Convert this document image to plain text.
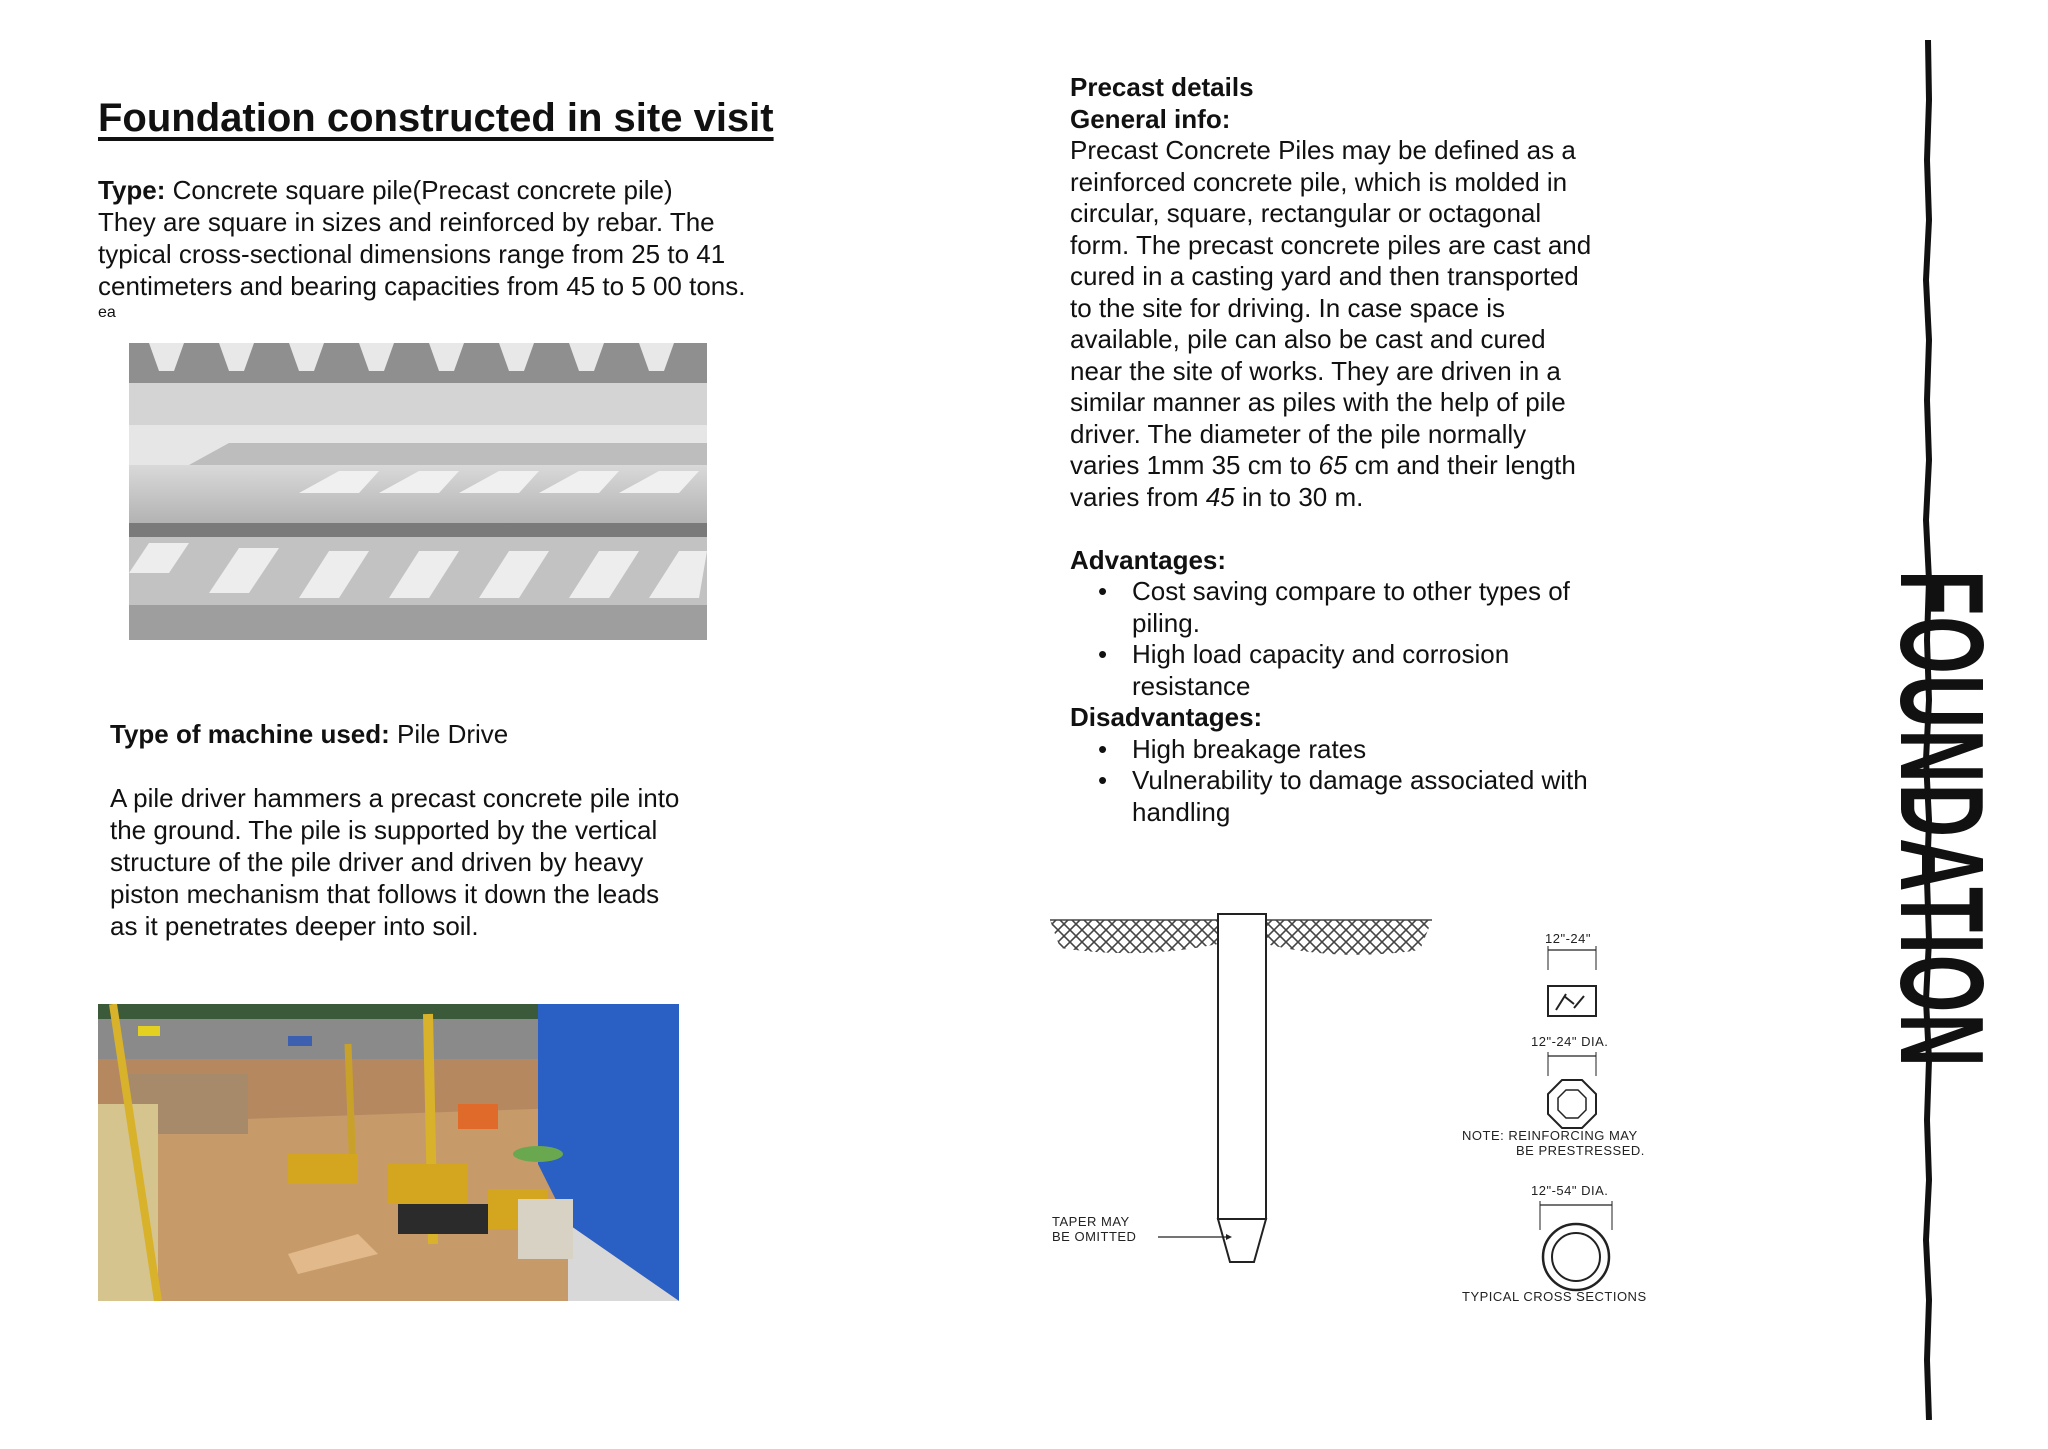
Foundation constructed in site visit
Type: Concrete square pile(Precast concrete pile)
They are square in sizes and reinforced by rebar. The
typical cross-sectional dimensions range from 25 to 41
centimeters and bearing capacities from 45 to 5 00 tons.
ea
Type of machine used: Pile Drive
A pile driver hammers a precast concrete pile into
the ground. The pile is supported by the vertical
structure of the pile driver and driven by heavy
piston mechanism that follows it down the leads
as it penetrates deeper into soil.
Precast details
General info:
Precast Concrete Piles may be defined as a
reinforced concrete pile, which is molded in
circular, square, rectangular or octagonal
form. The precast concrete piles are cast and
cured in a casting yard and then transported
to the site for driving. In case space is
available, pile can also be cast and cured
near the site of works. They are driven in a
similar manner as piles with the help of pile
driver. The diameter of the pile normally
varies 1mm 35 cm to 65 cm and their length
varies from 45 in to 30 m.
Advantages:
• Cost saving compare to other types of
piling.
• High load capacity and corrosion
resistance
Disadvantages:
• High breakage rates
• Vulnerability to damage associated with
handling
TAPER MAY
BE OMITTED
12"-24"
12"-24" DIA.
NOTE: REINFORCING MAY
BE PRESTRESSED.
12"-54" DIA.
TYPICAL CROSS SECTIONS
FOUNDATION
